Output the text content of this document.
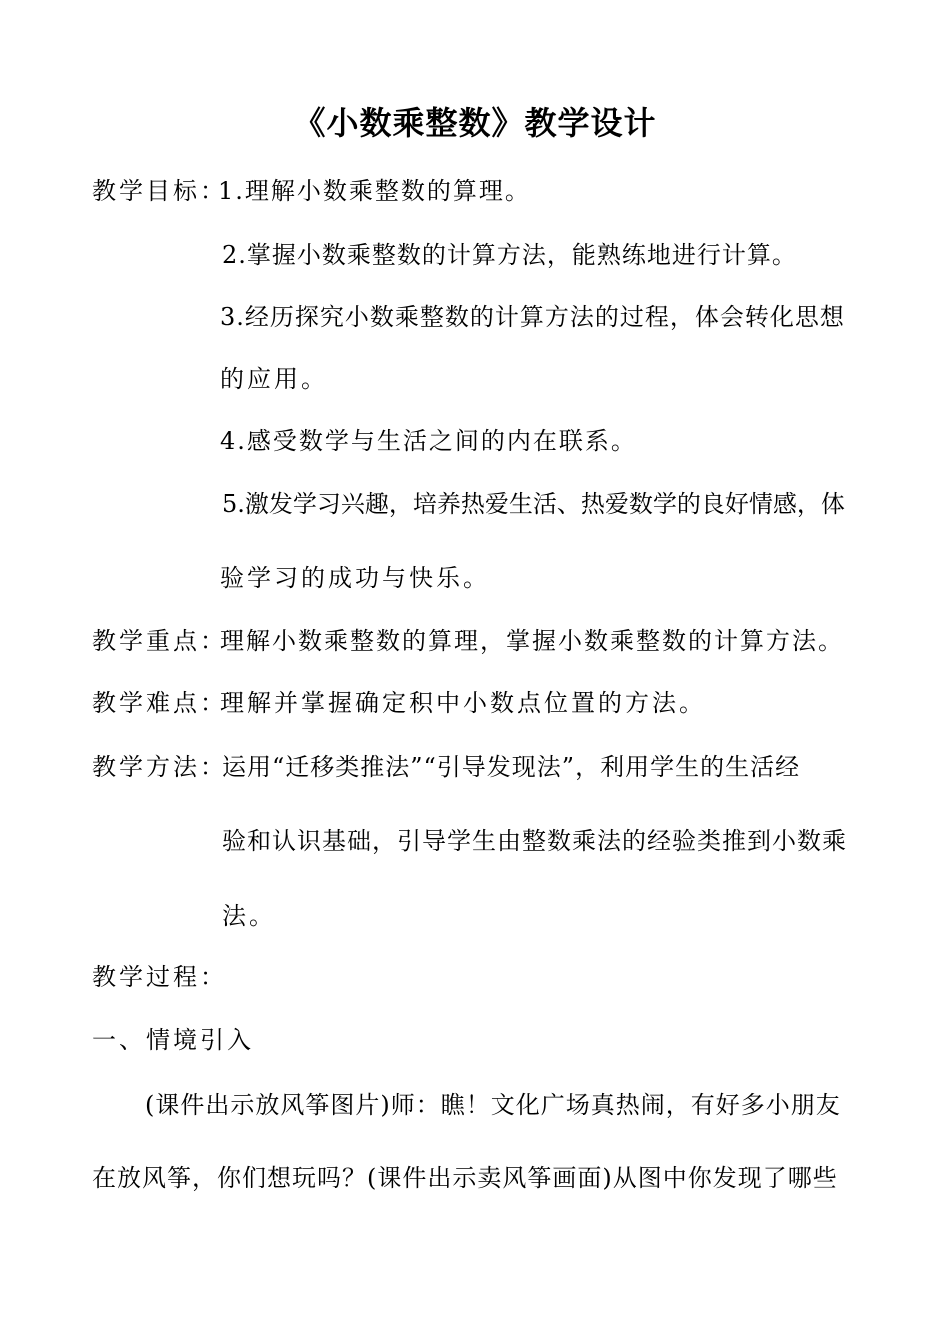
《小数乘整数》教学设计
教学目标：
1.理解小数乘整数的算理。
2.掌握小数乘整数的计算方法，能熟练地进行计算。
3.经历探究小数乘整数的计算方法的过程，体会转化思想
的应用。
4.感受数学与生活之间的内在联系。
5.激发学习兴趣，培养热爱生活、热爱数学的良好情感，体
验学习的成功与快乐。
教学重点：
理解小数乘整数的算理，掌握小数乘整数的计算方法。
教学难点：
理解并掌握确定积中小数点位置的方法。
教学方法：
运用“迁移类推法”“引导发现法”，利用学生的生活经
验和认识基础，引导学生由整数乘法的经验类推到小数乘
法。
教学过程：
一、情境引入
(课件出示放风筝图片)师：瞧！文化广场真热闹，有好多小朋友
在放风筝，你们想玩吗？(课件出示卖风筝画面)从图中你发现了哪些
